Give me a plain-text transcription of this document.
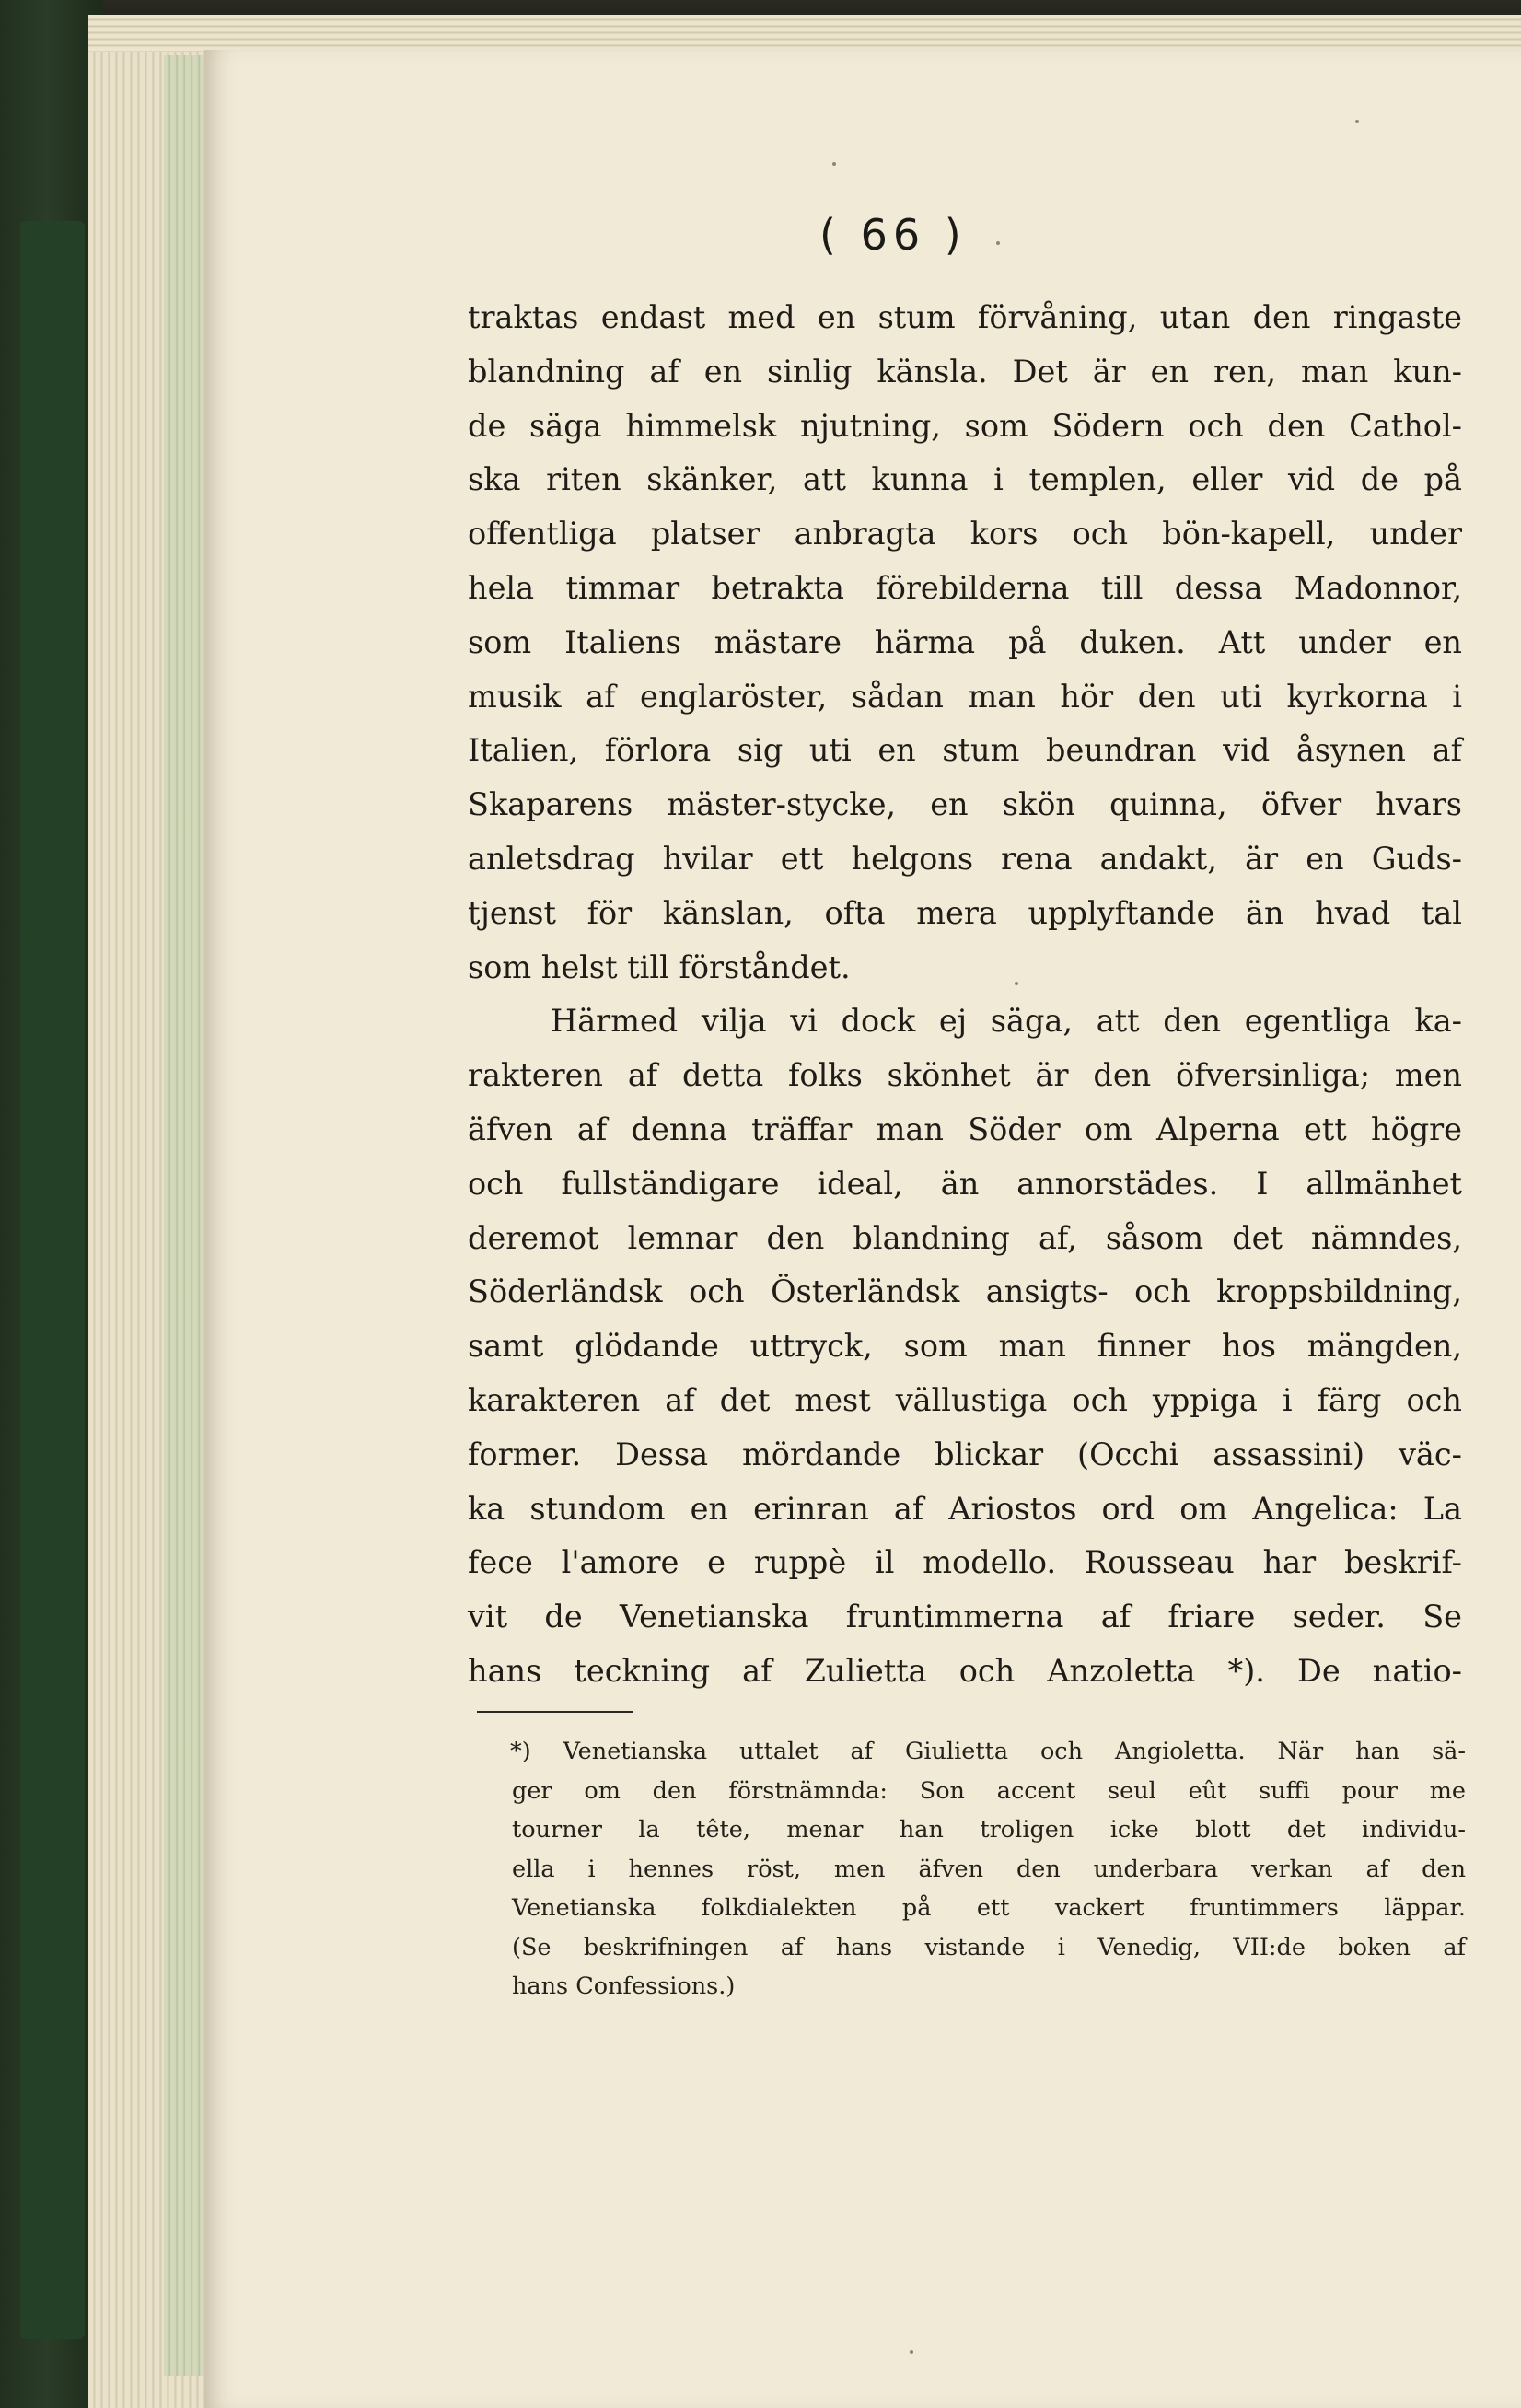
( 66 )
traktas endast med en stum förvåning, utan den ringaste
blandning af en sinlig känsla. Det är en ren, man kun-
de säga himmelsk njutning, som Södern och den Cathol-
ska riten skänker, att kunna i templen, eller vid de på
offentliga platser anbragta kors och bön-kapell, under
hela timmar betrakta förebilderna till dessa Madonnor,
som Italiens mästare härma på duken. Att under en
musik af englaröster, sådan man hör den uti kyrkorna i
Italien, förlora sig uti en stum beundran vid åsynen af
Skaparens mäster-stycke, en skön quinna, öfver hvars
anletsdrag hvilar ett helgons rena andakt, är en Guds-
tjenst för känslan, ofta mera upplyftande än hvad tal
som helst till förståndet.
Härmed vilja vi dock ej säga, att den egentliga ka-
rakteren af detta folks skönhet är den öfversinliga; men
äfven af denna träffar man Söder om Alperna ett högre
och fullständigare ideal, än annorstädes. I allmänhet
deremot lemnar den blandning af, såsom det nämndes,
Söderländsk och Österländsk ansigts- och kroppsbildning,
samt glödande uttryck, som man finner hos mängden,
karakteren af det mest vällustiga och yppiga i färg och
former. Dessa mördande blickar (Occhi assassini) väc-
ka stundom en erinran af Ariostos ord om Angelica: La
fece l'amore e ruppè il modello. Rousseau har beskrif-
vit de Venetianska fruntimmerna af friare seder. Se
hans teckning af Zulietta och Anzoletta *). De natio-
*) Venetianska uttalet af Giulietta och Angioletta. När han sä-
ger om den förstnämnda: Son accent seul eût suffi pour me
tourner la tête, menar han troligen icke blott det individu-
ella i hennes röst, men äfven den underbara verkan af den
Venetianska folkdialekten på ett vackert fruntimmers läppar.
(Se beskrifningen af hans vistande i Venedig, VII:de boken af
hans Confessions.)
